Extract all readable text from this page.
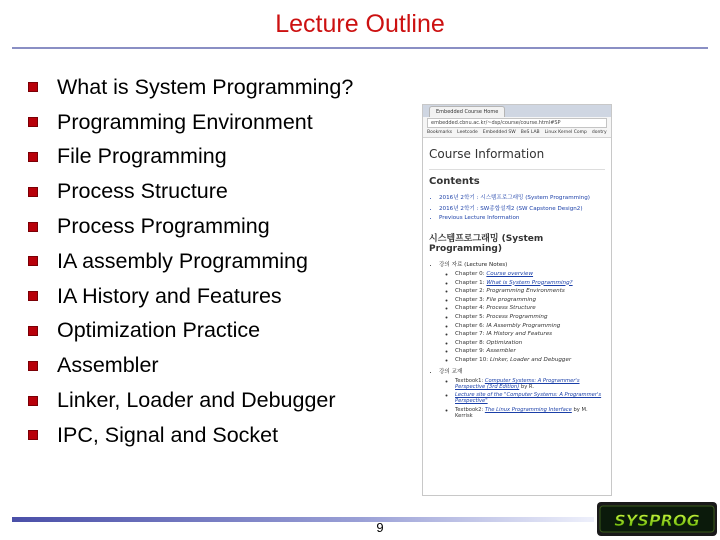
Lecture Outline
What is System Programming?
Programming Environment
File Programming
Process Structure
Process Programming
IA assembly Programming
IA History and Features
Optimization Practice
Assembler
Linker, Loader and Debugger
IPC, Signal and Socket
Embedded Course Home
embedded.cbnu.ac.kr/~dsp/course/course.html#SP
Bookmarks Leetcode Embedded SW BeS LAB Linux Kernel Comp dontry
Course Information
Contents
• 2016년 2학기 : 시스템프로그래밍 (System Programming)
• 2016년 2학기 : SW종합설계2 (SW Capstone Design2)
• Previous Lecture Information
시스템프로그래밍 (System Programming)
• 강의 자료 (Lecture Notes)
◦ Chapter 0: Course overview
◦ Chapter 1: What is System Programming?
◦ Chapter 2: Programming Environments
◦ Chapter 3: File programming
◦ Chapter 4: Process Structure
◦ Chapter 5: Process Programming
◦ Chapter 6: IA Assembly Programming
◦ Chapter 7: IA History and Features
◦ Chapter 8: Optimization
◦ Chapter 9: Assembler
◦ Chapter 10: Linker, Loader and Debugger
• 강의 교재
◦ Textbook1: Computer Systems: A Programmer's Perspective (3rd Edition) by R.
◦ Lecture site of the "Computer Systems: A Programmer's Perspective"
◦ Textbook2: The Linux Programming Interface by M. Kerrisk
9	SYSPROG
